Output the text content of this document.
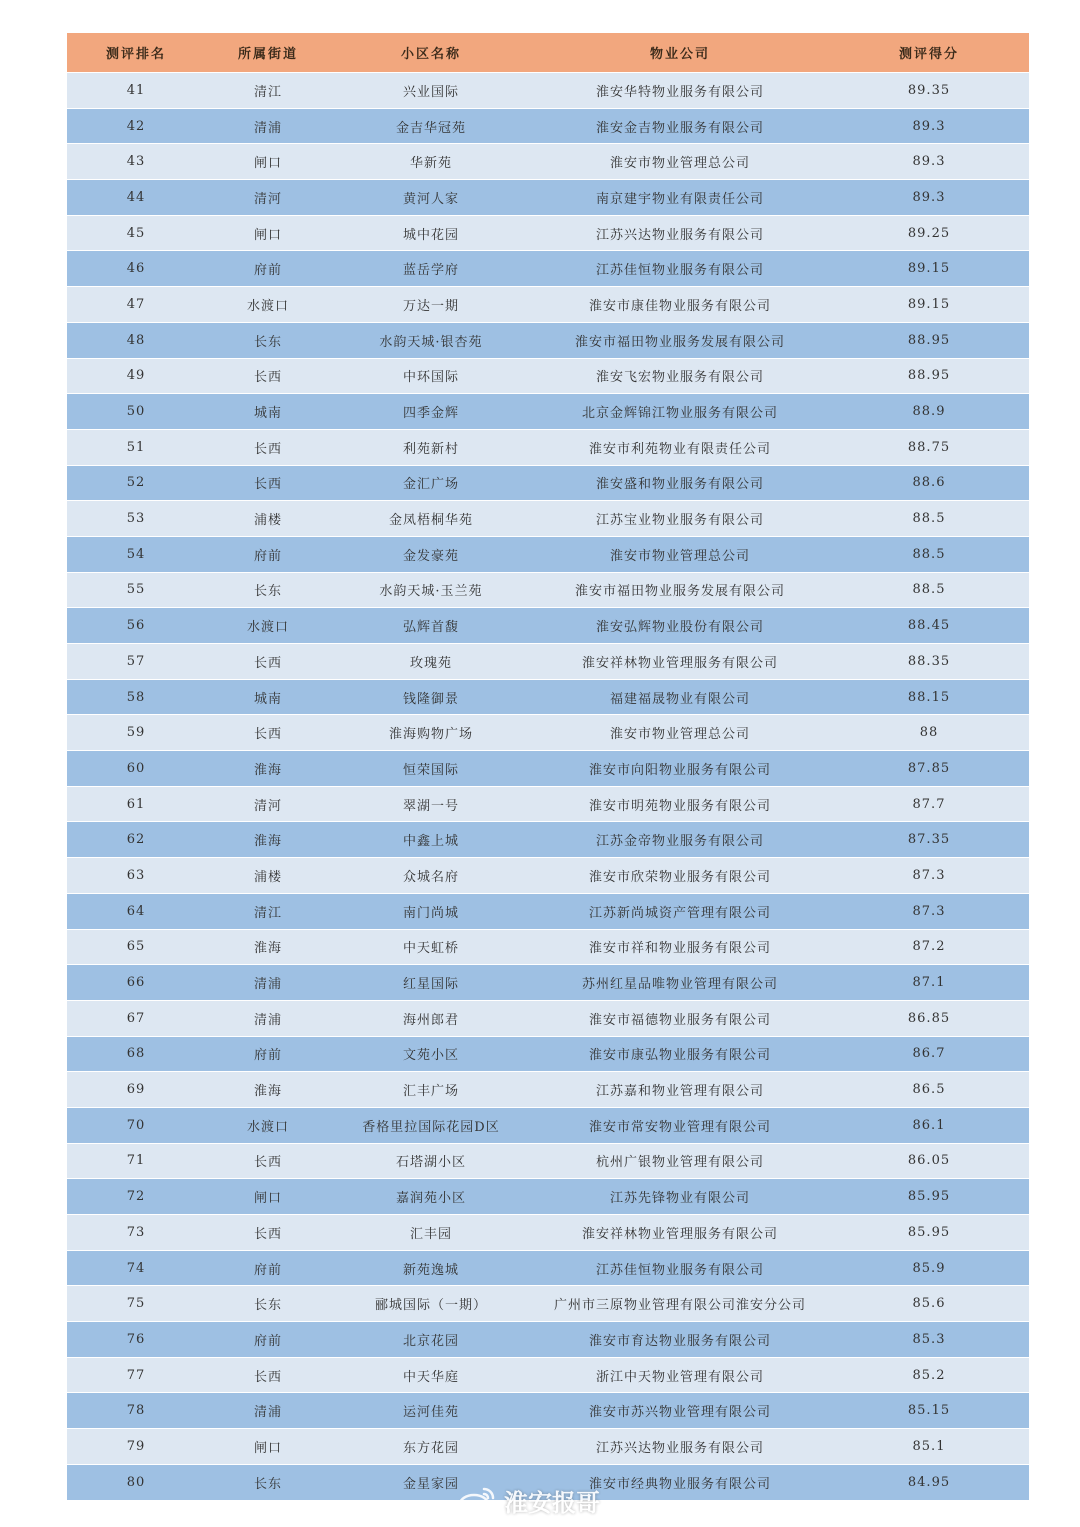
测评排名	所属街道	小区名称	物业公司	测评得分
41	清江	兴业国际	淮安华特物业服务有限公司	89.35
42	清浦	金吉华冠苑	淮安金吉物业服务有限公司	89.3
43	闸口	华新苑	淮安市物业管理总公司	89.3
44	清河	黄河人家	南京建宇物业有限责任公司	89.3
45	闸口	城中花园	江苏兴达物业服务有限公司	89.25
46	府前	蓝岳学府	江苏佳恒物业服务有限公司	89.15
47	水渡口	万达一期	淮安市康佳物业服务有限公司	89.15
48	长东	水韵天城·银杏苑	淮安市福田物业服务发展有限公司	88.95
49	长西	中环国际	淮安飞宏物业服务有限公司	88.95
50	城南	四季金辉	北京金辉锦江物业服务有限公司	88.9
51	长西	利苑新村	淮安市利苑物业有限责任公司	88.75
52	长西	金汇广场	淮安盛和物业服务有限公司	88.6
53	浦楼	金凤梧桐华苑	江苏宝业物业服务有限公司	88.5
54	府前	金发豪苑	淮安市物业管理总公司	88.5
55	长东	水韵天城·玉兰苑	淮安市福田物业服务发展有限公司	88.5
56	水渡口	弘辉首馥	淮安弘辉物业股份有限公司	88.45
57	长西	玫瑰苑	淮安祥林物业管理服务有限公司	88.35
58	城南	钱隆御景	福建福晟物业有限公司	88.15
59	长西	淮海购物广场	淮安市物业管理总公司	88
60	淮海	恒荣国际	淮安市向阳物业服务有限公司	87.85
61	清河	翠湖一号	淮安市明苑物业服务有限公司	87.7
62	淮海	中鑫上城	江苏金帝物业服务有限公司	87.35
63	浦楼	众城名府	淮安市欣荣物业服务有限公司	87.3
64	清江	南门尚城	江苏新尚城资产管理有限公司	87.3
65	淮海	中天虹桥	淮安市祥和物业服务有限公司	87.2
66	清浦	红星国际	苏州红星品唯物业管理有限公司	87.1
67	清浦	海州郎君	淮安市福德物业服务有限公司	86.85
68	府前	文苑小区	淮安市康弘物业服务有限公司	86.7
69	淮海	汇丰广场	江苏嘉和物业管理有限公司	86.5
70	水渡口	香格里拉国际花园D区	淮安市常安物业管理有限公司	86.1
71	长西	石塔湖小区	杭州广银物业管理有限公司	86.05
72	闸口	嘉润苑小区	江苏先锋物业有限公司	85.95
73	长西	汇丰园	淮安祥林物业管理服务有限公司	85.95
74	府前	新苑逸城	江苏佳恒物业服务有限公司	85.9
75	长东	郦城国际（一期）	广州市三原物业管理有限公司淮安分公司	85.6
76	府前	北京花园	淮安市育达物业服务有限公司	85.3
77	长西	中天华庭	浙江中天物业管理有限公司	85.2
78	清浦	运河佳苑	淮安市苏兴物业管理有限公司	85.15
79	闸口	东方花园	江苏兴达物业服务有限公司	85.1
80	长东	金星家园	淮安市经典物业服务有限公司	84.95
淮安报哥
